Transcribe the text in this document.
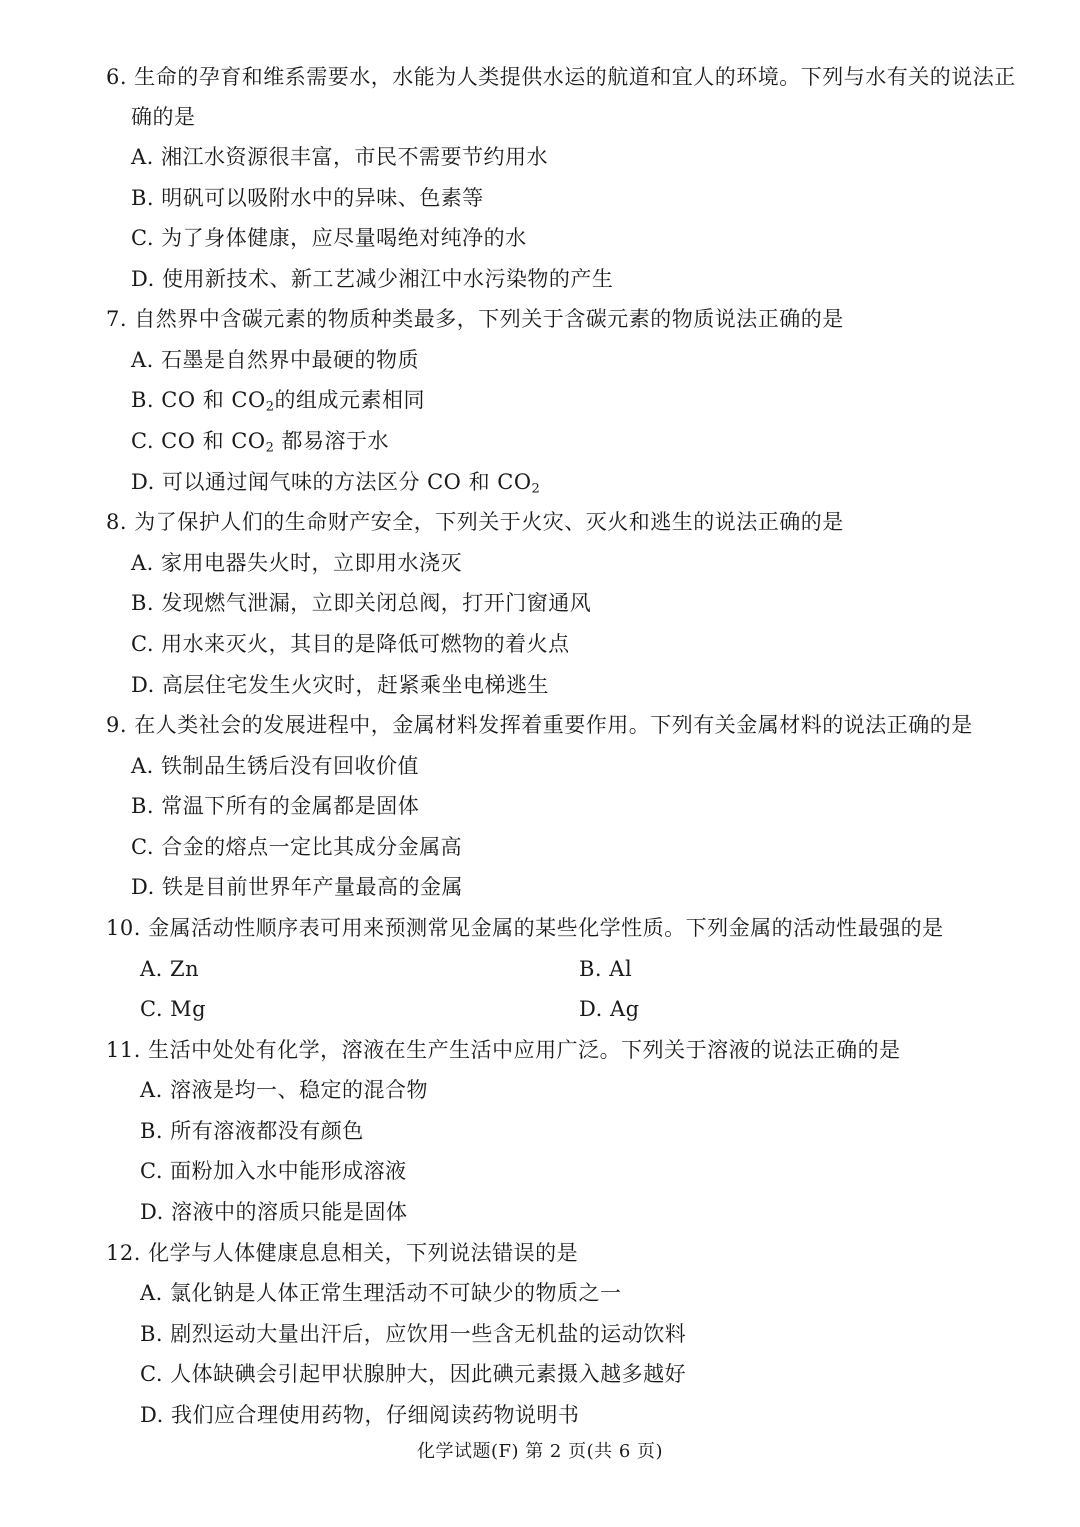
6. 生命的孕育和维系需要水，水能为人类提供水运的航道和宜人的环境。下列与水有关的说法正
确的是
A. 湘江水资源很丰富，市民不需要节约用水
B. 明矾可以吸附水中的异味、色素等
C. 为了身体健康，应尽量喝绝对纯净的水
D. 使用新技术、新工艺减少湘江中水污染物的产生
7. 自然界中含碳元素的物质种类最多，下列关于含碳元素的物质说法正确的是
A. 石墨是自然界中最硬的物质
B. CO 和 $CO_2$的组成元素相同
C. CO 和 $CO_2$ 都易溶于水
D. 可以通过闻气味的方法区分 CO 和 $CO_2$
8. 为了保护人们的生命财产安全，下列关于火灾、灭火和逃生的说法正确的是
A. 家用电器失火时，立即用水浇灭
B. 发现燃气泄漏，立即关闭总阀，打开门窗通风
C. 用水来灭火，其目的是降低可燃物的着火点
D. 高层住宅发生火灾时，赶紧乘坐电梯逃生
9. 在人类社会的发展进程中，金属材料发挥着重要作用。下列有关金属材料的说法正确的是
A. 铁制品生锈后没有回收价值
B. 常温下所有的金属都是固体
C. 合金的熔点一定比其成分金属高
D. 铁是目前世界年产量最高的金属
10. 金属活动性顺序表可用来预测常见金属的某些化学性质。下列金属的活动性最强的是
A. Zn	B. Al
C. Mg	D. Ag
11. 生活中处处有化学，溶液在生产生活中应用广泛。下列关于溶液的说法正确的是
A. 溶液是均一、稳定的混合物
B. 所有溶液都没有颜色
C. 面粉加入水中能形成溶液
D. 溶液中的溶质只能是固体
12. 化学与人体健康息息相关，下列说法错误的是
A. 氯化钠是人体正常生理活动不可缺少的物质之一
B. 剧烈运动大量出汗后，应饮用一些含无机盐的运动饮料
C. 人体缺碘会引起甲状腺肿大，因此碘元素摄入越多越好
D. 我们应合理使用药物，仔细阅读药物说明书
化学试题(F) 第 2 页(共 6 页)
